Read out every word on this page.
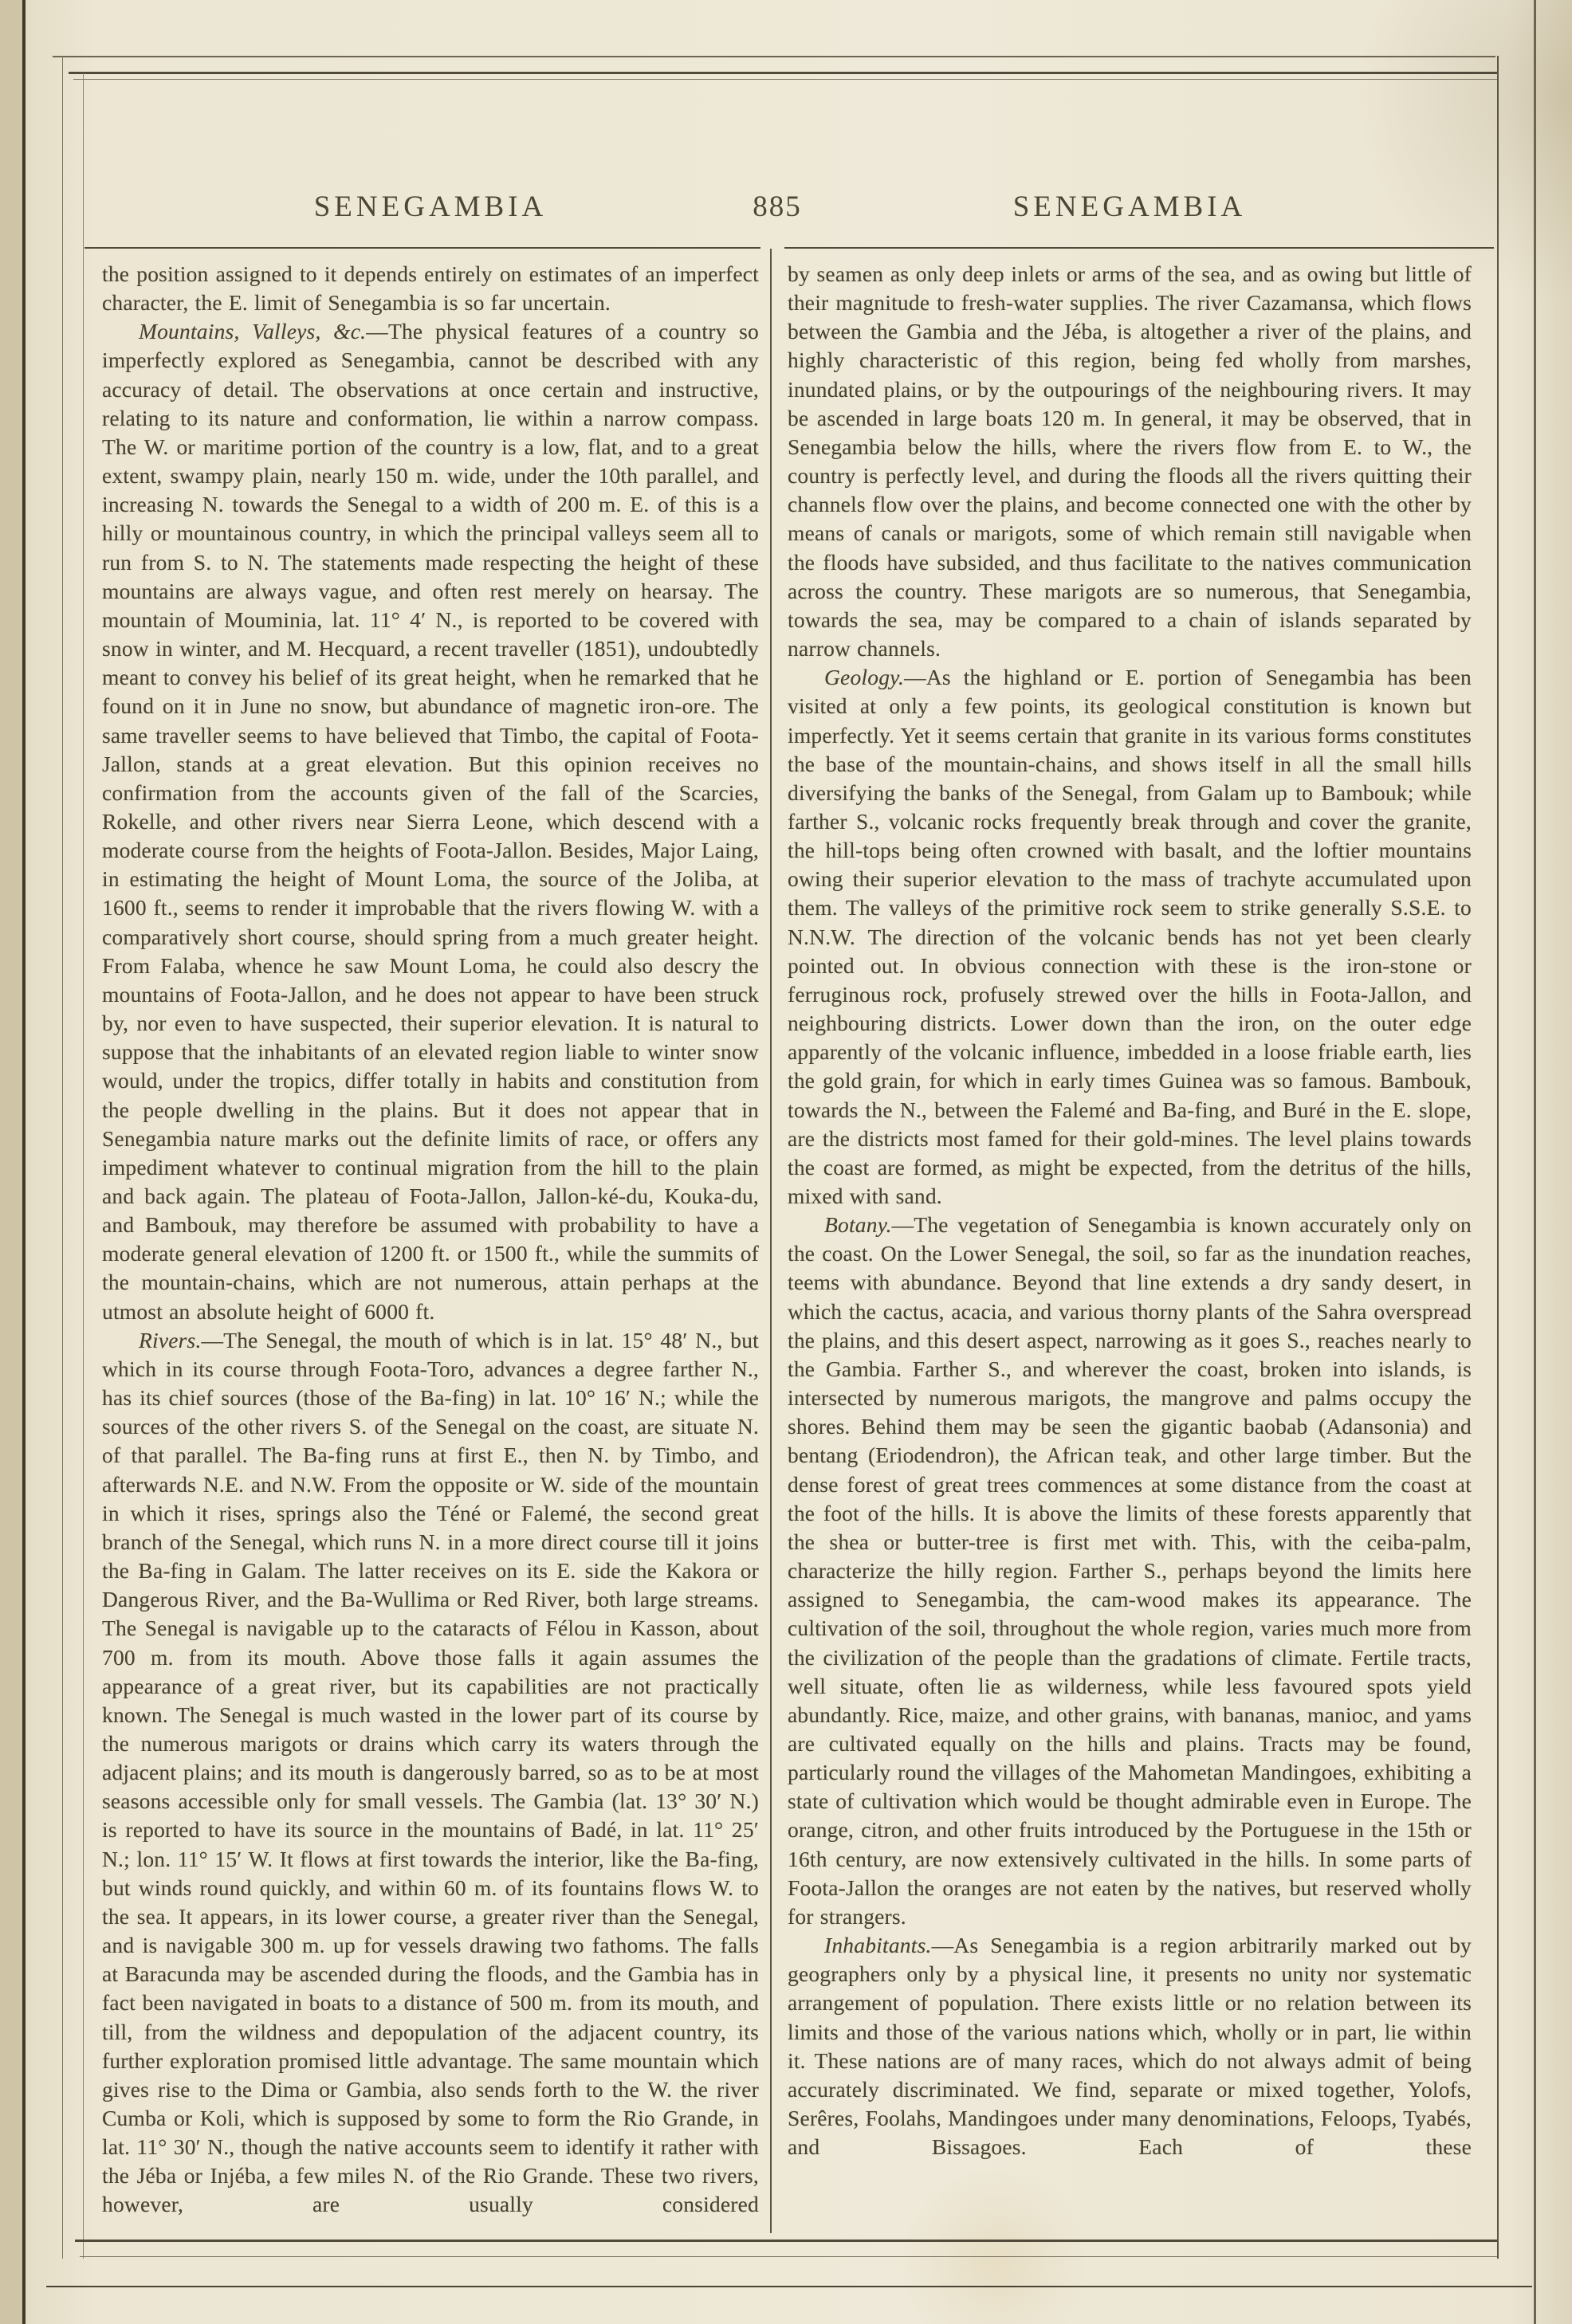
SENEGAMBIA	885	SENEGAMBIA

the position assigned to it depends entirely on estimates of an imperfect character, the E. limit of Senegambia is so far uncertain.

Mountains, Valleys, &c.—The physical features of a country so imperfectly explored as Senegambia, cannot be described with any accuracy of detail. The observations at once certain and instructive, relating to its nature and conformation, lie within a narrow compass. The W. or maritime portion of the country is a low, flat, and to a great extent, swampy plain, nearly 150 m. wide, under the 10th parallel, and increasing N. towards the Senegal to a width of 200 m. E. of this is a hilly or mountainous country, in which the principal valleys seem all to run from S. to N. The statements made respecting the height of these mountains are always vague, and often rest merely on hearsay. The mountain of Mouminia, lat. 11° 4′ N., is reported to be covered with snow in winter, and M. Hecquard, a recent traveller (1851), undoubtedly meant to convey his belief of its great height, when he remarked that he found on it in June no snow, but abundance of magnetic iron-ore. The same traveller seems to have believed that Timbo, the capital of Foota-Jallon, stands at a great elevation. But this opinion receives no confirmation from the accounts given of the fall of the Scarcies, Rokelle, and other rivers near Sierra Leone, which descend with a moderate course from the heights of Foota-Jallon. Besides, Major Laing, in estimating the height of Mount Loma, the source of the Joliba, at 1600 ft., seems to render it improbable that the rivers flowing W. with a comparatively short course, should spring from a much greater height. From Falaba, whence he saw Mount Loma, he could also descry the mountains of Foota-Jallon, and he does not appear to have been struck by, nor even to have suspected, their superior elevation. It is natural to suppose that the inhabitants of an elevated region liable to winter snow would, under the tropics, differ totally in habits and constitution from the people dwelling in the plains. But it does not appear that in Senegambia nature marks out the definite limits of race, or offers any impediment whatever to continual migration from the hill to the plain and back again. The plateau of Foota-Jallon, Jallon-ké-du, Kouka-du, and Bambouk, may therefore be assumed with probability to have a moderate general elevation of 1200 ft. or 1500 ft., while the summits of the mountain-chains, which are not numerous, attain perhaps at the utmost an absolute height of 6000 ft.

Rivers.—The Senegal, the mouth of which is in lat. 15° 48′ N., but which in its course through Foota-Toro, advances a degree farther N., has its chief sources (those of the Ba-fing) in lat. 10° 16′ N.; while the sources of the other rivers S. of the Senegal on the coast, are situate N. of that parallel. The Ba-fing runs at first E., then N. by Timbo, and afterwards N.E. and N.W. From the opposite or W. side of the mountain in which it rises, springs also the Téné or Falemé, the second great branch of the Senegal, which runs N. in a more direct course till it joins the Ba-fing in Galam. The latter receives on its E. side the Kakora or Dangerous River, and the Ba-Wullima or Red River, both large streams. The Senegal is navigable up to the cataracts of Félou in Kasson, about 700 m. from its mouth. Above those falls it again assumes the appearance of a great river, but its capabilities are not practically known. The Senegal is much wasted in the lower part of its course by the numerous marigots or drains which carry its waters through the adjacent plains; and its mouth is dangerously barred, so as to be at most seasons accessible only for small vessels. The Gambia (lat. 13° 30′ N.) is reported to have its source in the mountains of Badé, in lat. 11° 25′ N.; lon. 11° 15′ W. It flows at first towards the interior, like the Ba-fing, but winds round quickly, and within 60 m. of its fountains flows W. to the sea. It appears, in its lower course, a greater river than the Senegal, and is navigable 300 m. up for vessels drawing two fathoms. The falls at Baracunda may be ascended during the floods, and the Gambia has in fact been navigated in boats to a distance of 500 m. from its mouth, and till, from the wildness and depopulation of the adjacent country, its further exploration promised little advantage. The same mountain which gives rise to the Dima or Gambia, also sends forth to the W. the river Cumba or Koli, which is supposed by some to form the Rio Grande, in lat. 11° 30′ N., though the native accounts seem to identify it rather with the Jéba or Injéba, a few miles N. of the Rio Grande. These two rivers, however, are usually considered

by seamen as only deep inlets or arms of the sea, and as owing but little of their magnitude to fresh-water supplies. The river Cazamansa, which flows between the Gambia and the Jéba, is altogether a river of the plains, and highly characteristic of this region, being fed wholly from marshes, inundated plains, or by the outpourings of the neighbouring rivers. It may be ascended in large boats 120 m. In general, it may be observed, that in Senegambia below the hills, where the rivers flow from E. to W., the country is perfectly level, and during the floods all the rivers quitting their channels flow over the plains, and become connected one with the other by means of canals or marigots, some of which remain still navigable when the floods have subsided, and thus facilitate to the natives communication across the country. These marigots are so numerous, that Senegambia, towards the sea, may be compared to a chain of islands separated by narrow channels.

Geology.—As the highland or E. portion of Senegambia has been visited at only a few points, its geological constitution is known but imperfectly. Yet it seems certain that granite in its various forms constitutes the base of the mountain-chains, and shows itself in all the small hills diversifying the banks of the Senegal, from Galam up to Bambouk; while farther S., volcanic rocks frequently break through and cover the granite, the hill-tops being often crowned with basalt, and the loftier mountains owing their superior elevation to the mass of trachyte accumulated upon them. The valleys of the primitive rock seem to strike generally S.S.E. to N.N.W. The direction of the volcanic bends has not yet been clearly pointed out. In obvious connection with these is the iron-stone or ferruginous rock, profusely strewed over the hills in Foota-Jallon, and neighbouring districts. Lower down than the iron, on the outer edge apparently of the volcanic influence, imbedded in a loose friable earth, lies the gold grain, for which in early times Guinea was so famous. Bambouk, towards the N., between the Falemé and Ba-fing, and Buré in the E. slope, are the districts most famed for their gold-mines. The level plains towards the coast are formed, as might be expected, from the detritus of the hills, mixed with sand.

Botany.—The vegetation of Senegambia is known accurately only on the coast. On the Lower Senegal, the soil, so far as the inundation reaches, teems with abundance. Beyond that line extends a dry sandy desert, in which the cactus, acacia, and various thorny plants of the Sahra overspread the plains, and this desert aspect, narrowing as it goes S., reaches nearly to the Gambia. Farther S., and wherever the coast, broken into islands, is intersected by numerous marigots, the mangrove and palms occupy the shores. Behind them may be seen the gigantic baobab (Adansonia) and bentang (Eriodendron), the African teak, and other large timber. But the dense forest of great trees commences at some distance from the coast at the foot of the hills. It is above the limits of these forests apparently that the shea or butter-tree is first met with. This, with the ceiba-palm, characterize the hilly region. Farther S., perhaps beyond the limits here assigned to Senegambia, the cam-wood makes its appearance. The cultivation of the soil, throughout the whole region, varies much more from the civilization of the people than the gradations of climate. Fertile tracts, well situate, often lie as wilderness, while less favoured spots yield abundantly. Rice, maize, and other grains, with bananas, manioc, and yams are cultivated equally on the hills and plains. Tracts may be found, particularly round the villages of the Mahometan Mandingoes, exhibiting a state of cultivation which would be thought admirable even in Europe. The orange, citron, and other fruits introduced by the Portuguese in the 15th or 16th century, are now extensively cultivated in the hills. In some parts of Foota-Jallon the oranges are not eaten by the natives, but reserved wholly for strangers.

Inhabitants.—As Senegambia is a region arbitrarily marked out by geographers only by a physical line, it presents no unity nor systematic arrangement of population. There exists little or no relation between its limits and those of the various nations which, wholly or in part, lie within it. These nations are of many races, which do not always admit of being accurately discriminated. We find, separate or mixed together, Yolofs, Serêres, Foolahs, Mandingoes under many denominations, Feloops, Tyabés, and Bissagoes. Each of these
